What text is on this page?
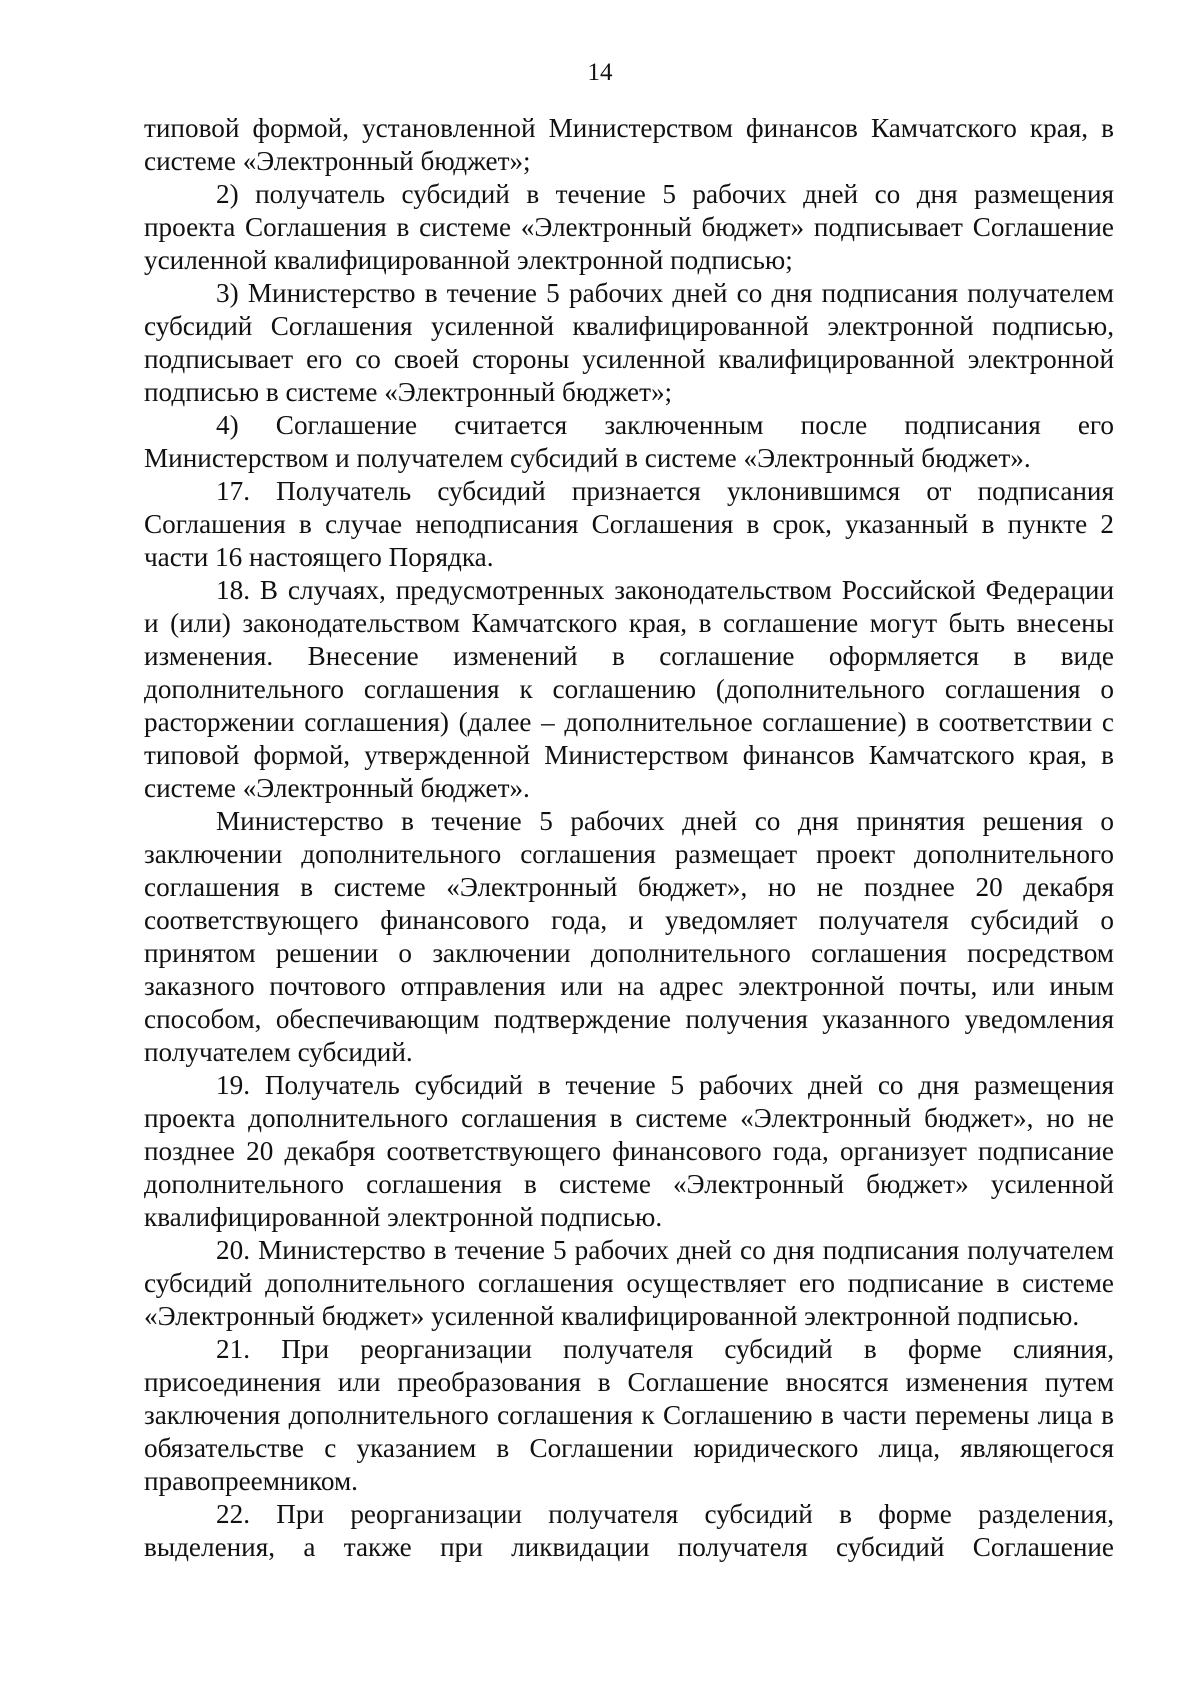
14

типовой формой, установленной Министерством финансов Камчатского края, в системе «Электронный бюджет»;

2) получатель субсидий в течение 5 рабочих дней со дня размещения проекта Соглашения в системе «Электронный бюджет» подписывает Соглашение усиленной квалифицированной электронной подписью;

3) Министерство в течение 5 рабочих дней со дня подписания получателем субсидий Соглашения усиленной квалифицированной электронной подписью, подписывает его со своей стороны усиленной квалифицированной электронной подписью в системе «Электронный бюджет»;

4) Соглашение считается заключенным после подписания его Министерством и получателем субсидий в системе «Электронный бюджет».

17. Получатель субсидий признается уклонившимся от подписания Соглашения в случае неподписания Соглашения в срок, указанный в пункте 2 части 16 настоящего Порядка.

18. В случаях, предусмотренных законодательством Российской Федерации и (или) законодательством Камчатского края, в соглашение могут быть внесены изменения. Внесение изменений в соглашение оформляется в виде дополнительного соглашения к соглашению (дополнительного соглашения о расторжении соглашения) (далее – дополнительное соглашение) в соответствии с типовой формой, утвержденной Министерством финансов Камчатского края, в системе «Электронный бюджет».

Министерство в течение 5 рабочих дней со дня принятия решения о заключении дополнительного соглашения размещает проект дополнительного соглашения в системе «Электронный бюджет», но не позднее 20 декабря соответствующего финансового года, и уведомляет получателя субсидий о принятом решении о заключении дополнительного соглашения посредством заказного почтового отправления или на адрес электронной почты, или иным способом, обеспечивающим подтверждение получения указанного уведомления получателем субсидий.

19. Получатель субсидий в течение 5 рабочих дней со дня размещения проекта дополнительного соглашения в системе «Электронный бюджет», но не позднее 20 декабря соответствующего финансового года, организует подписание дополнительного соглашения в системе «Электронный бюджет» усиленной квалифицированной электронной подписью.

20. Министерство в течение 5 рабочих дней со дня подписания получателем субсидий дополнительного соглашения осуществляет его подписание в системе «Электронный бюджет» усиленной квалифицированной электронной подписью.

21. При реорганизации получателя субсидий в форме слияния, присоединения или преобразования в Соглашение вносятся изменения путем заключения дополнительного соглашения к Соглашению в части перемены лица в обязательстве с указанием в Соглашении юридического лица, являющегося правопреемником.

22. При реорганизации получателя субсидий в форме разделения, выделения, а также при ликвидации получателя субсидий Соглашение
